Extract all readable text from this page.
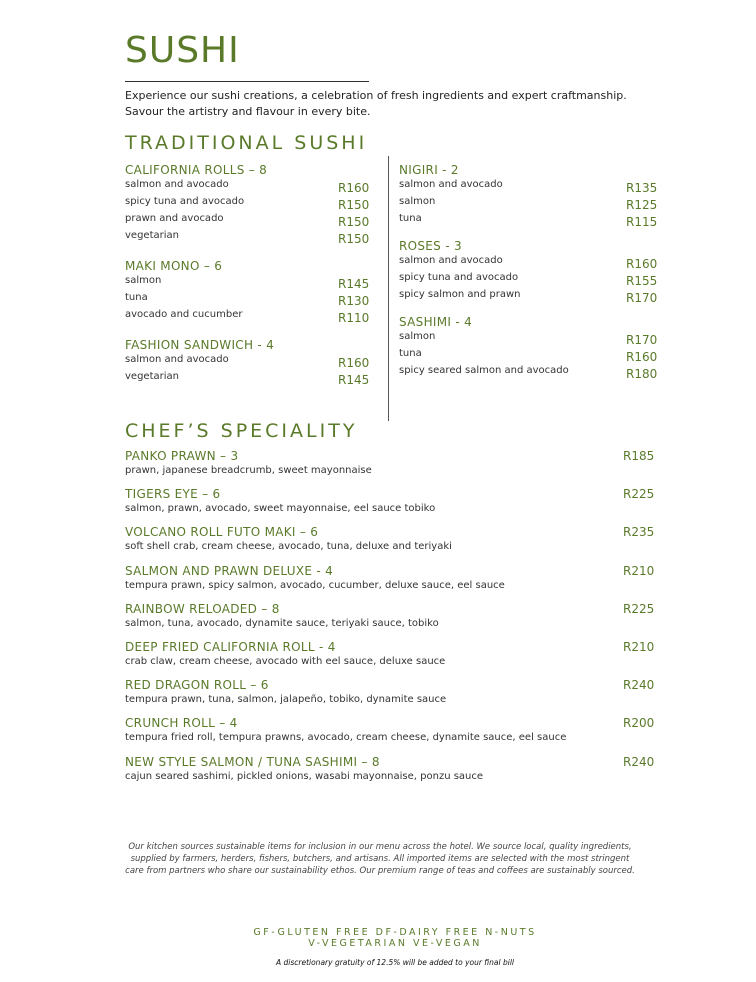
SUSHI
Experience our sushi creations, a celebration of fresh ingredients and expert craftmanship. Savour the artistry and flavour in every bite.
TRADITIONAL SUSHI
CALIFORNIA ROLLS – 8
salmon and avocado	R160
spicy tuna and avocado	R150
prawn and avocado	R150
vegetarian	R150
MAKI MONO – 6
salmon	R145
tuna	R130
avocado and cucumber	R110
FASHION SANDWICH - 4
salmon and avocado	R160
vegetarian	R145
NIGIRI - 2
salmon and avocado	R135
salmon	R125
tuna	R115
ROSES - 3
salmon and avocado	R160
spicy tuna and avocado	R155
spicy salmon and prawn	R170
SASHIMI - 4
salmon	R170
tuna	R160
spicy seared salmon and avocado	R180
CHEF’S SPECIALITY
PANKO PRAWN – 3	R185
prawn, japanese breadcrumb, sweet mayonnaise
TIGERS EYE – 6	R225
salmon, prawn, avocado, sweet mayonnaise, eel sauce tobiko
VOLCANO ROLL FUTO MAKI – 6	R235
soft shell crab, cream cheese, avocado, tuna, deluxe and teriyaki
SALMON AND PRAWN DELUXE - 4	R210
tempura prawn, spicy salmon, avocado, cucumber, deluxe sauce, eel sauce
RAINBOW RELOADED – 8	R225
salmon, tuna, avocado, dynamite sauce, teriyaki sauce, tobiko
DEEP FRIED CALIFORNIA ROLL - 4	R210
crab claw, cream cheese, avocado with eel sauce, deluxe sauce
RED DRAGON ROLL – 6	R240
tempura prawn, tuna, salmon, jalapeño, tobiko, dynamite sauce
CRUNCH ROLL – 4	R200
tempura fried roll, tempura prawns, avocado, cream cheese, dynamite sauce, eel sauce
NEW STYLE SALMON / TUNA SASHIMI – 8	R240
cajun seared sashimi, pickled onions, wasabi mayonnaise, ponzu sauce
Our kitchen sources sustainable items for inclusion in our menu across the hotel. We source local, quality ingredients, supplied by farmers, herders, fishers, butchers, and artisans. All imported items are selected with the most stringent care from partners who share our sustainability ethos. Our premium range of teas and coffees are sustainably sourced.
GF-GLUTEN FREE DF-DAIRY FREE N-NUTS
V-VEGETARIAN VE-VEGAN
A discretionary gratuity of 12.5% will be added to your final bill
